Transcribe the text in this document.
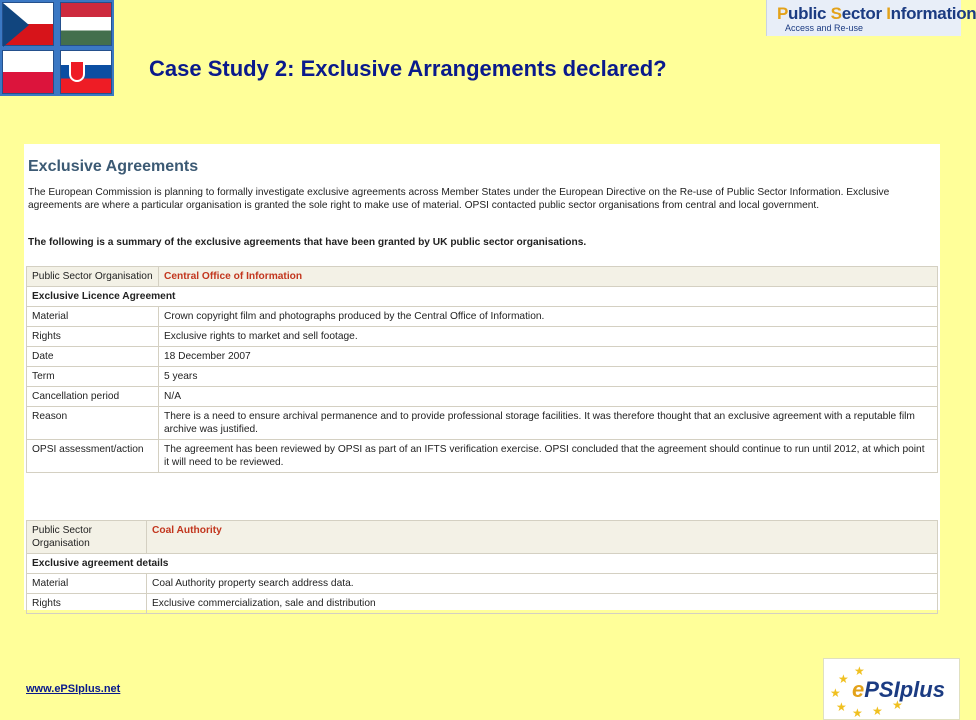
Public Sector Information
Access and Re-use
Case Study 2: Exclusive Arrangements declared?
Exclusive Agreements
The European Commission is planning to formally investigate exclusive agreements across Member States under the European Directive on the Re-use of Public Sector Information. Exclusive agreements are where a particular organisation is granted the sole right to make use of material. OPSI contacted public sector organisations from central and local government.
The following is a summary of the exclusive agreements that have been granted by UK public sector organisations.
Public Sector Organisation	Central Office of Information
Exclusive Licence Agreement	
Material	Crown copyright film and photographs produced by the Central Office of Information.
Rights	Exclusive rights to market and sell footage.
Date	18 December 2007
Term	5 years
Cancellation period	N/A
Reason	There is a need to ensure archival permanence and to provide professional storage facilities. It was therefore thought that an exclusive agreement with a reputable film archive was justified.
OPSI assessment/action	The agreement has been reviewed by OPSI as part of an IFTS verification exercise. OPSI concluded that the agreement should continue to run until 2012, at which point it will need to be reviewed.
Public Sector Organisation	Coal Authority
Exclusive agreement details	
Material	Coal Authority property search address data.
Rights	Exclusive commercialization, sale and distribution
www.ePSIplus.net
★
★
★
★ ★ ★ ★
ePSIplus
